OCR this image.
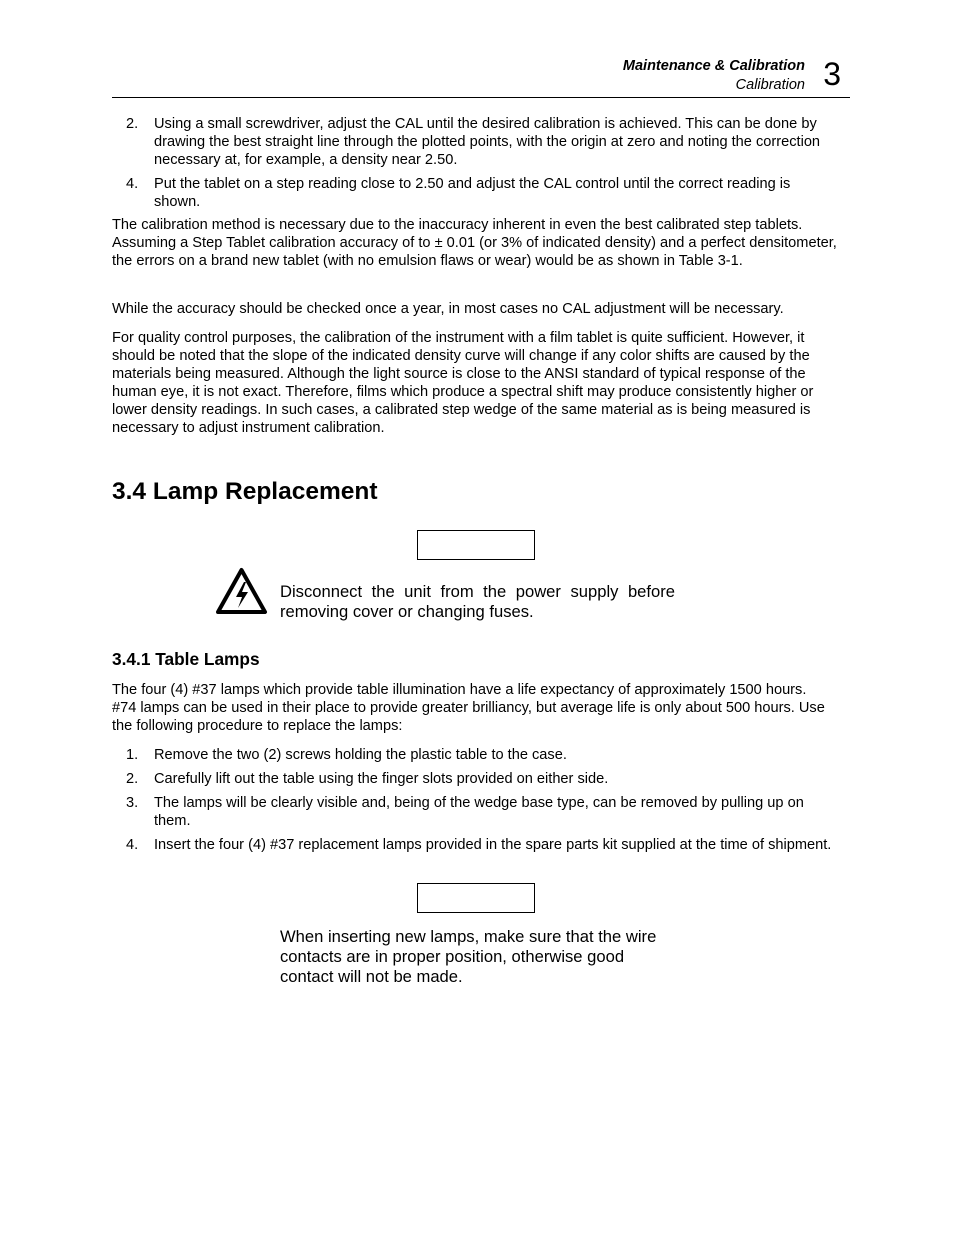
Maintenance & Calibration
Calibration 3
2. Using a small screwdriver, adjust the CAL until the desired calibration is achieved. This can be done by drawing the best straight line through the plotted points, with the origin at zero and noting the correction necessary at, for example, a density near 2.50.
4. Put the tablet on a step reading close to 2.50 and adjust the CAL control until the correct reading is shown.

The calibration method is necessary due to the inaccuracy inherent in even the best calibrated step tablets. Assuming a Step Tablet calibration accuracy of to ± 0.01 (or 3% of indicated density) and a perfect densitometer, the errors on a brand new tablet (with no emulsion flaws or wear) would be as shown in Table 3-1.

While the accuracy should be checked once a year, in most cases no CAL adjustment will be necessary.

For quality control purposes, the calibration of the instrument with a film tablet is quite sufficient. However, it should be noted that the slope of the indicated density curve will change if any color shifts are caused by the materials being measured. Although the light source is close to the ANSI standard of typical response of the human eye, it is not exact. Therefore, films which produce a spectral shift may produce consistently higher or lower density readings. In such cases, a calibrated step wedge of the same material as is being measured is necessary to adjust instrument calibration.

3.4 Lamp Replacement

Disconnect the unit from the power supply before removing cover or changing fuses.

3.4.1 Table Lamps

The four (4) #37 lamps which provide table illumination have a life expectancy of approximately 1500 hours. #74 lamps can be used in their place to provide greater brilliancy, but average life is only about 500 hours. Use the following procedure to replace the lamps:

1. Remove the two (2) screws holding the plastic table to the case.
2. Carefully lift out the table using the finger slots provided on either side.
3. The lamps will be clearly visible and, being of the wedge base type, can be removed by pulling up on them.
4. Insert the four (4) #37 replacement lamps provided in the spare parts kit supplied at the time of shipment.

When inserting new lamps, make sure that the wire contacts are in proper position, otherwise good contact will not be made.
